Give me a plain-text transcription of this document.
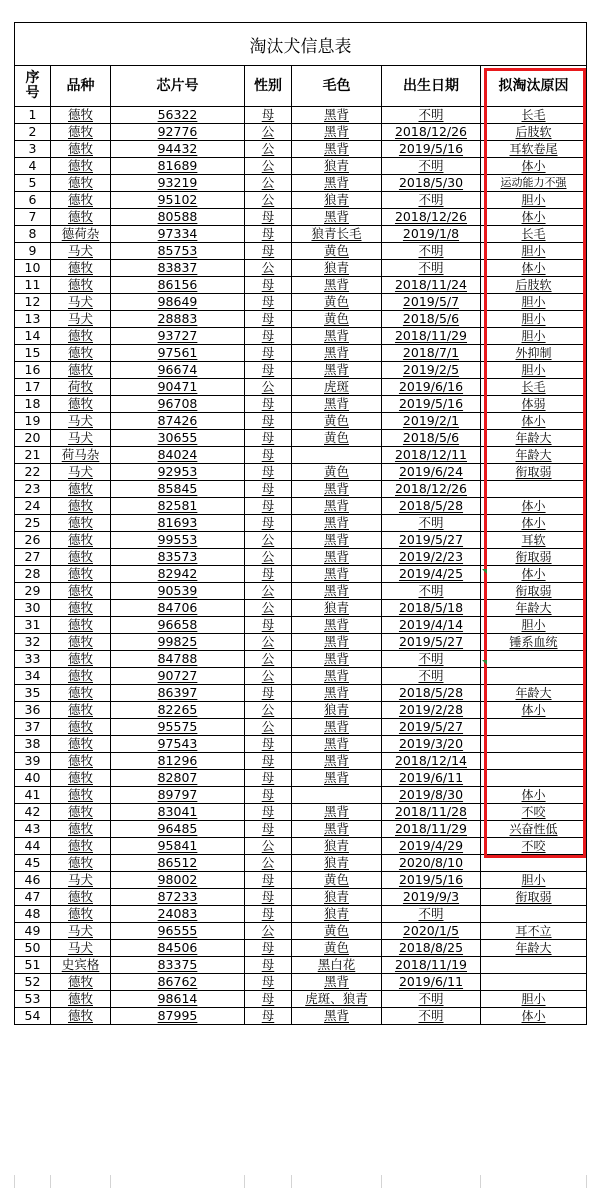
淘汰犬信息表						
序号	品种	芯片号	性别	毛色	出生日期	拟淘汰原因
1	德牧	56322	母	黑背	不明	长毛
2	德牧	92776	公	黑背	2018/12/26	后肢软
3	德牧	94432	公	黑背	2019/5/16	耳软卷尾
4	德牧	81689	公	狼青	不明	体小
5	德牧	93219	公	黑背	2018/5/30	运动能力不强
6	德牧	95102	公	狼青	不明	胆小
7	德牧	80588	母	黑背	2018/12/26	体小
8	德荷杂	97334	母	狼青长毛	2019/1/8	长毛
9	马犬	85753	母	黄色	不明	胆小
10	德牧	83837	公	狼青	不明	体小
11	德牧	86156	母	黑背	2018/11/24	后肢软
12	马犬	98649	母	黄色	2019/5/7	胆小
13	马犬	28883	母	黄色	2018/5/6	胆小
14	德牧	93727	母	黑背	2018/11/29	胆小
15	德牧	97561	母	黑背	2018/7/1	外抑制
16	德牧	96674	母	黑背	2019/2/5	胆小
17	荷牧	90471	公	虎斑	2019/6/16	长毛
18	德牧	96708	母	黑背	2019/5/16	体弱
19	马犬	87426	母	黄色	2019/2/1	体小
20	马犬	30655	母	黄色	2018/5/6	年龄大
21	荷马杂	84024	母		2018/12/11	年龄大
22	马犬	92953	母	黄色	2019/6/24	衔取弱
23	德牧	85845	母	黑背	2018/12/26	
24	德牧	82581	母	黑背	2018/5/28	体小
25	德牧	81693	母	黑背	不明	体小
26	德牧	99553	公	黑背	2019/5/27	耳软
27	德牧	83573	公	黑背	2019/2/23	衔取弱
28	德牧	82942	母	黑背	2019/4/25	体小
29	德牧	90539	公	黑背	不明	衔取弱
30	德牧	84706	公	狼青	2018/5/18	年龄大
31	德牧	96658	母	黑背	2019/4/14	胆小
32	德牧	99825	公	黑背	2019/5/27	锤系血统
33	德牧	84788	公	黑背	不明	
34	德牧	90727	公	黑背	不明	
35	德牧	86397	母	黑背	2018/5/28	年龄大
36	德牧	82265	公	狼青	2019/2/28	体小
37	德牧	95575	公	黑背	2019/5/27	
38	德牧	97543	母	黑背	2019/3/20	
39	德牧	81296	母	黑背	2018/12/14	
40	德牧	82807	母	黑背	2019/6/11	
41	德牧	89797	母		2019/8/30	体小
42	德牧	83041	母	黑背	2018/11/28	不咬
43	德牧	96485	母	黑背	2018/11/29	兴奋性低
44	德牧	95841	公	狼青	2019/4/29	不咬
45	德牧	86512	公	狼青	2020/8/10	
46	马犬	98002	母	黄色	2019/5/16	胆小
47	德牧	87233	母	狼青	2019/9/3	衔取弱
48	德牧	24083	母	狼青	不明	
49	马犬	96555	公	黄色	2020/1/5	耳不立
50	马犬	84506	母	黄色	2018/8/25	年龄大
51	史宾格	83375	母	黑白花	2018/11/19	
52	德牧	86762	母	黑背	2019/6/11	
53	德牧	98614	母	虎斑、狼青	不明	胆小
54	德牧	87995	母	黑背	不明	体小
